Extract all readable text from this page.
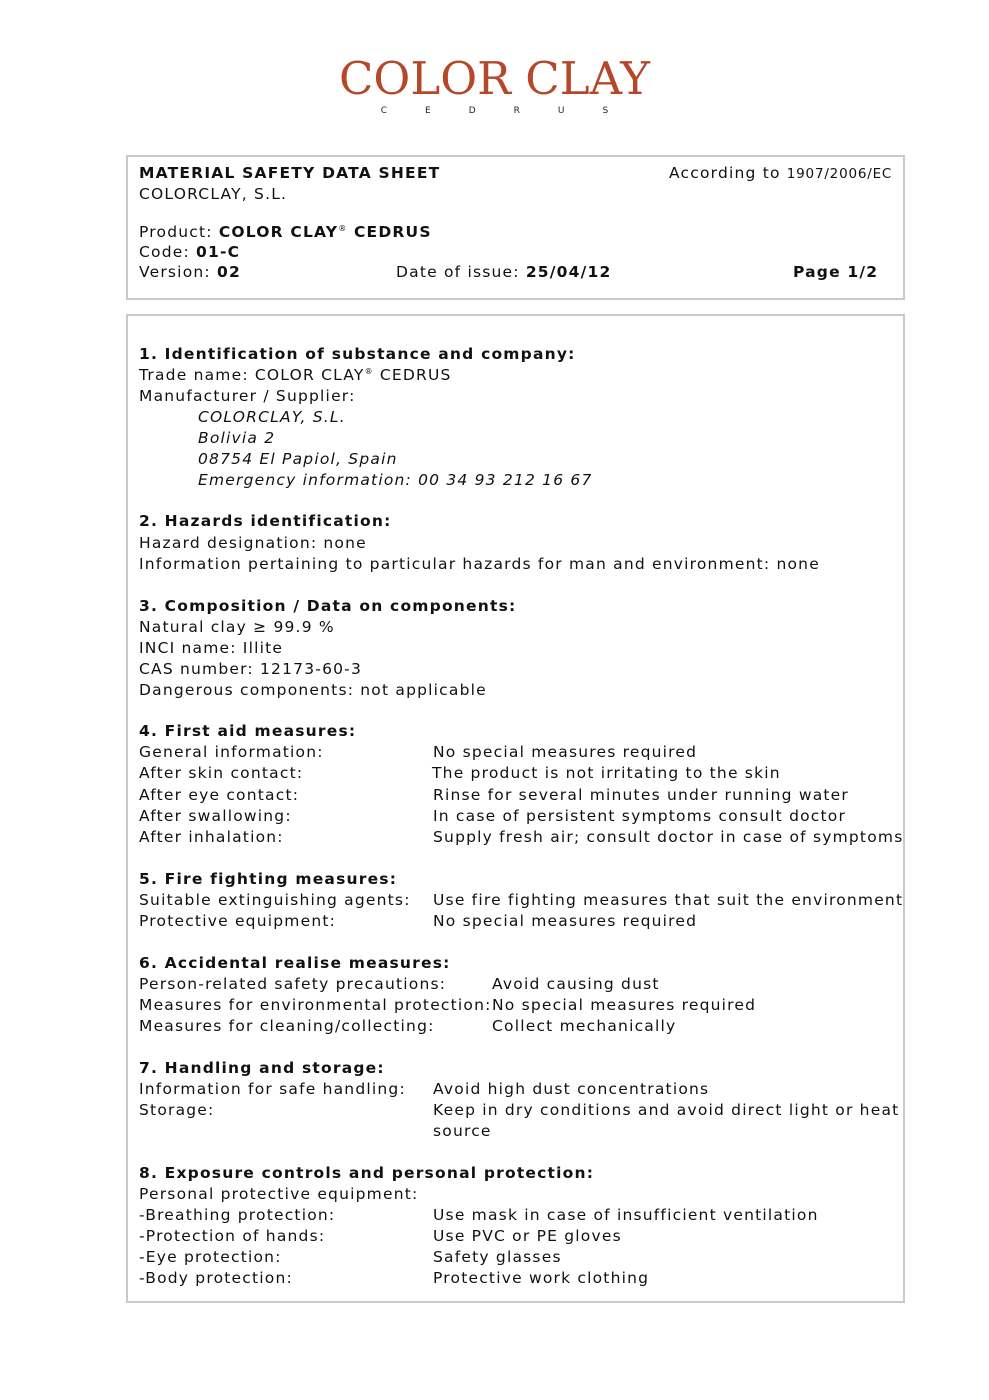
COLOR CLAY
CEDRUS
MATERIAL SAFETY DATA SHEET	According to 1907/2006/EC
COLORCLAY, S.L.
Product: COLOR CLAY® CEDRUS
Code: 01-C
Version: 02	Date of issue: 25/04/12	Page 1/2
1. Identification of substance and company:
Trade name: COLOR CLAY® CEDRUS
Manufacturer / Supplier:
COLORCLAY, S.L.
Bolivia 2
08754 El Papiol, Spain
Emergency information: 00 34 93 212 16 67
2. Hazards identification:
Hazard designation: none
Information pertaining to particular hazards for man and environment: none
3. Composition / Data on components:
Natural clay ≥ 99.9 %
INCI name: Illite
CAS number: 12173-60-3
Dangerous components: not applicable
4. First aid measures:
General information:	No special measures required
After skin contact:	The product is not irritating to the skin
After eye contact:	Rinse for several minutes under running water
After swallowing:	In case of persistent symptoms consult doctor
After inhalation:	Supply fresh air; consult doctor in case of symptoms
5. Fire fighting measures:
Suitable extinguishing agents: Use fire fighting measures that suit the environment
Protective equipment:	No special measures required
6. Accidental realise measures:
Person-related safety precautions:	Avoid causing dust
Measures for environmental protection: No special measures required
Measures for cleaning/collecting:	Collect mechanically
7. Handling and storage:
Information for safe handling: Avoid high dust concentrations
Storage:	Keep in dry conditions and avoid direct light or heat
source
8. Exposure controls and personal protection:
Personal protective equipment:
-Breathing protection:	Use mask in case of insufficient ventilation
-Protection of hands:	Use PVC or PE gloves
-Eye protection:	Safety glasses
-Body protection:	Protective work clothing
